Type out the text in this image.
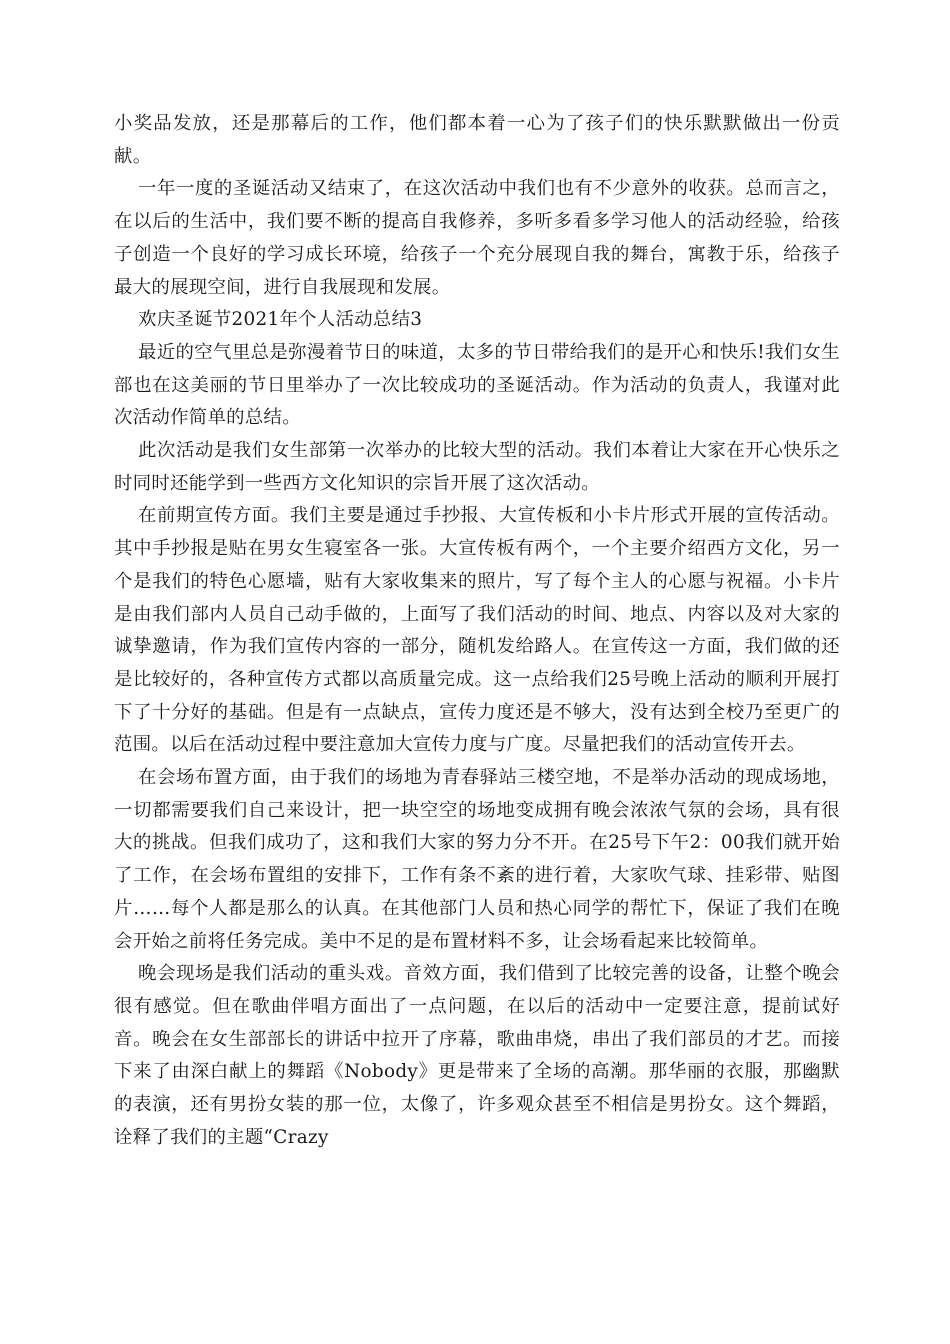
小奖品发放，还是那幕后的工作，他们都本着一心为了孩子们的快乐默默做出一份贡献。

一年一度的圣诞活动又结束了，在这次活动中我们也有不少意外的收获。总而言之，在以后的生活中，我们要不断的提高自我修养，多听多看多学习他人的活动经验，给孩子创造一个良好的学习成长环境，给孩子一个充分展现自我的舞台，寓教于乐，给孩子最大的展现空间，进行自我展现和发展。

欢庆圣诞节2021年个人活动总结3

最近的空气里总是弥漫着节日的味道，太多的节日带给我们的是开心和快乐!我们女生部也在这美丽的节日里举办了一次比较成功的圣诞活动。作为活动的负责人，我谨对此次活动作简单的总结。

此次活动是我们女生部第一次举办的比较大型的活动。我们本着让大家在开心快乐之时同时还能学到一些西方文化知识的宗旨开展了这次活动。

在前期宣传方面。我们主要是通过手抄报、大宣传板和小卡片形式开展的宣传活动。其中手抄报是贴在男女生寝室各一张。大宣传板有两个，一个主要介绍西方文化，另一个是我们的特色心愿墙，贴有大家收集来的照片，写了每个主人的心愿与祝福。小卡片是由我们部内人员自己动手做的，上面写了我们活动的时间、地点、内容以及对大家的诚挚邀请，作为我们宣传内容的一部分，随机发给路人。在宣传这一方面，我们做的还是比较好的，各种宣传方式都以高质量完成。这一点给我们25号晚上活动的顺利开展打下了十分好的基础。但是有一点缺点，宣传力度还是不够大，没有达到全校乃至更广的范围。以后在活动过程中要注意加大宣传力度与广度。尽量把我们的活动宣传开去。

在会场布置方面，由于我们的场地为青春驿站三楼空地，不是举办活动的现成场地，一切都需要我们自己来设计，把一块空空的场地变成拥有晚会浓浓气氛的会场，具有很大的挑战。但我们成功了，这和我们大家的努力分不开。在25号下午2：00我们就开始了工作，在会场布置组的安排下，工作有条不紊的进行着，大家吹气球、挂彩带、贴图片……每个人都是那么的认真。在其他部门人员和热心同学的帮忙下，保证了我们在晚会开始之前将任务完成。美中不足的是布置材料不多，让会场看起来比较简单。

晚会现场是我们活动的重头戏。音效方面，我们借到了比较完善的设备，让整个晚会很有感觉。但在歌曲伴唱方面出了一点问题，在以后的活动中一定要注意，提前试好音。晚会在女生部部长的讲话中拉开了序幕，歌曲串烧，串出了我们部员的才艺。而接下来了由深白献上的舞蹈《Nobody》更是带来了全场的高潮。那华丽的衣服，那幽默的表演，还有男扮女装的那一位，太像了，许多观众甚至不相信是男扮女。这个舞蹈，诠释了我们的主题“Crazy
